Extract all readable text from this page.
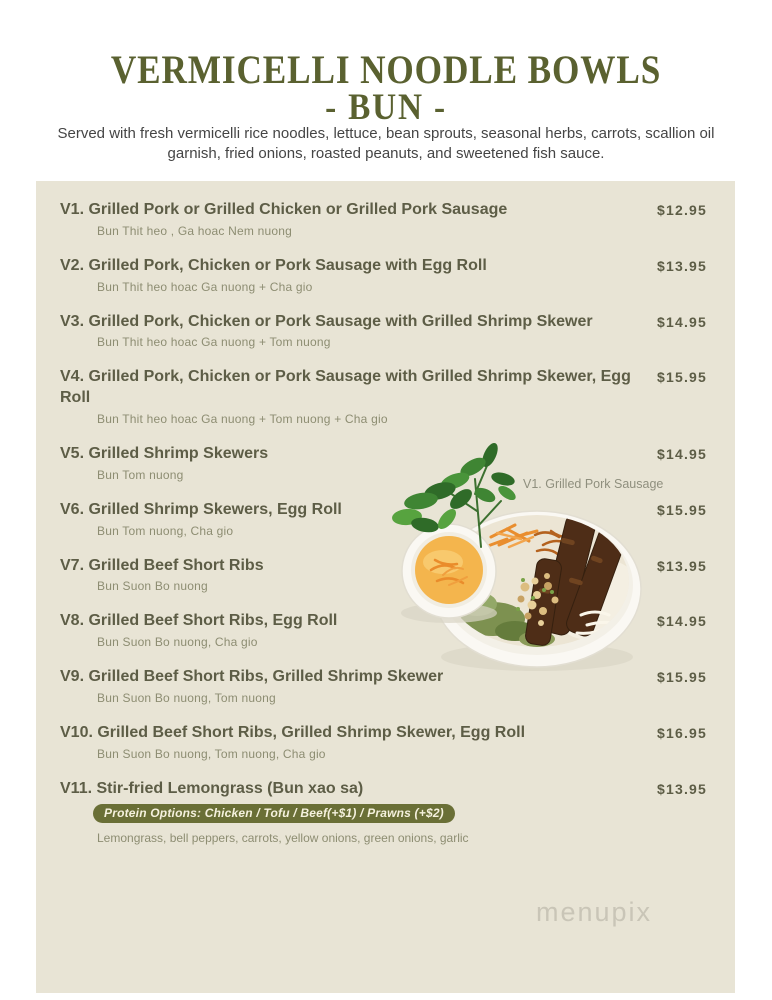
VERMICELLI NOODLE BOWLS
- BUN -

Served with fresh vermicelli rice noodles, lettuce, bean sprouts, seasonal herbs, carrots, scallion oil garnish, fried onions, roasted peanuts, and sweetened fish sauce.

V1. Grilled Pork or Grilled Chicken or Grilled Pork Sausage
Bun Thit heo , Ga hoac Nem nuong
$12.95
V2. Grilled Pork, Chicken or Pork Sausage with Egg Roll
Bun Thit heo hoac Ga nuong + Cha gio
$13.95
V3. Grilled Pork, Chicken or Pork Sausage with Grilled Shrimp Skewer
Bun Thit heo hoac Ga nuong + Tom nuong
$14.95
V4. Grilled Pork, Chicken or Pork Sausage with Grilled Shrimp Skewer, Egg Roll
Bun Thit heo hoac Ga nuong + Tom nuong + Cha gio
$15.95
V5. Grilled Shrimp Skewers
Bun Tom nuong
$14.95
V6. Grilled Shrimp Skewers, Egg Roll
Bun Tom nuong, Cha gio
$15.95
V7. Grilled Beef Short Ribs
Bun Suon Bo nuong
$13.95
V8. Grilled Beef Short Ribs, Egg Roll
Bun Suon Bo nuong, Cha gio
$14.95
V9. Grilled Beef Short Ribs, Grilled Shrimp Skewer
Bun Suon Bo nuong, Tom nuong
$15.95
V10. Grilled Beef Short Ribs, Grilled Shrimp Skewer, Egg Roll
Bun Suon Bo nuong, Tom nuong, Cha gio
$16.95
V11. Stir-fried Lemongrass (Bun xao sa)
Protein Options: Chicken / Tofu / Beef(+$1) / Prawns (+$2)
Lemongrass, bell peppers, carrots, yellow onions, green onions, garlic
$13.95
V1. Grilled Pork Sausage
menupix
